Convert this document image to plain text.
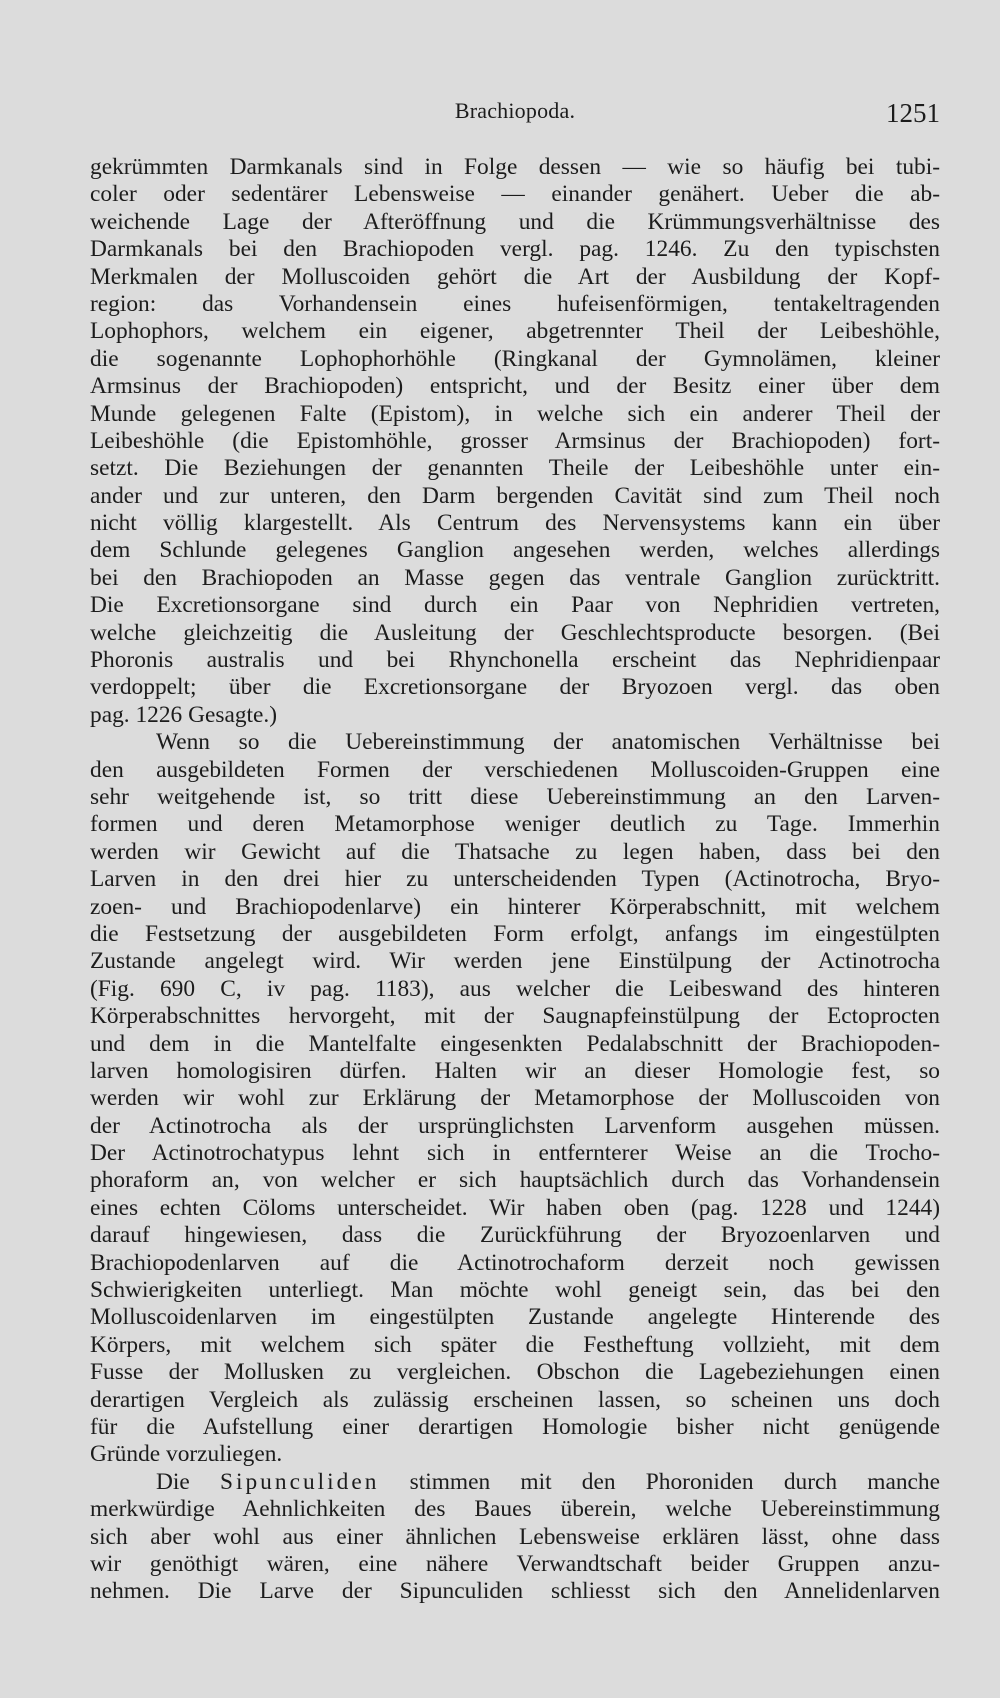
Brachiopoda.	1251
gekrümmten Darmkanals sind in Folge dessen — wie so häufig bei tubi-
coler oder sedentärer Lebensweise — einander genähert. Ueber die ab-
weichende Lage der Afteröffnung und die Krümmungsverhältnisse des
Darmkanals bei den Brachiopoden vergl. pag. 1246. Zu den typischsten
Merkmalen der Molluscoiden gehört die Art der Ausbildung der Kopf-
region: das Vorhandensein eines hufeisenförmigen, tentakeltragenden
Lophophors, welchem ein eigener, abgetrennter Theil der Leibeshöhle,
die sogenannte Lophophorhöhle (Ringkanal der Gymnolämen, kleiner
Armsinus der Brachiopoden) entspricht, und der Besitz einer über dem
Munde gelegenen Falte (Epistom), in welche sich ein anderer Theil der
Leibeshöhle (die Epistomhöhle, grosser Armsinus der Brachiopoden) fort-
setzt. Die Beziehungen der genannten Theile der Leibeshöhle unter ein-
ander und zur unteren, den Darm bergenden Cavität sind zum Theil noch
nicht völlig klargestellt. Als Centrum des Nervensystems kann ein über
dem Schlunde gelegenes Ganglion angesehen werden, welches allerdings
bei den Brachiopoden an Masse gegen das ventrale Ganglion zurücktritt.
Die Excretionsorgane sind durch ein Paar von Nephridien vertreten,
welche gleichzeitig die Ausleitung der Geschlechtsproducte besorgen. (Bei
Phoronis australis und bei Rhynchonella erscheint das Nephridienpaar
verdoppelt; über die Excretionsorgane der Bryozoen vergl. das oben
pag. 1226 Gesagte.)
Wenn so die Uebereinstimmung der anatomischen Verhältnisse bei
den ausgebildeten Formen der verschiedenen Molluscoiden-Gruppen eine
sehr weitgehende ist, so tritt diese Uebereinstimmung an den Larven-
formen und deren Metamorphose weniger deutlich zu Tage. Immerhin
werden wir Gewicht auf die Thatsache zu legen haben, dass bei den
Larven in den drei hier zu unterscheidenden Typen (Actinotrocha, Bryo-
zoen- und Brachiopodenlarve) ein hinterer Körperabschnitt, mit welchem
die Festsetzung der ausgebildeten Form erfolgt, anfangs im eingestülpten
Zustande angelegt wird. Wir werden jene Einstülpung der Actinotrocha
(Fig. 690 C, iv pag. 1183), aus welcher die Leibeswand des hinteren
Körperabschnittes hervorgeht, mit der Saugnapfeinstülpung der Ectoprocten
und dem in die Mantelfalte eingesenkten Pedalabschnitt der Brachiopoden-
larven homologisiren dürfen. Halten wir an dieser Homologie fest, so
werden wir wohl zur Erklärung der Metamorphose der Molluscoiden von
der Actinotrocha als der ursprünglichsten Larvenform ausgehen müssen.
Der Actinotrochatypus lehnt sich in entfernterer Weise an die Trocho-
phoraform an, von welcher er sich hauptsächlich durch das Vorhandensein
eines echten Cöloms unterscheidet. Wir haben oben (pag. 1228 und 1244)
darauf hingewiesen, dass die Zurückführung der Bryozoenlarven und
Brachiopodenlarven auf die Actinotrochaform derzeit noch gewissen
Schwierigkeiten unterliegt. Man möchte wohl geneigt sein, das bei den
Molluscoidenlarven im eingestülpten Zustande angelegte Hinterende des
Körpers, mit welchem sich später die Festheftung vollzieht, mit dem
Fusse der Mollusken zu vergleichen. Obschon die Lagebeziehungen einen
derartigen Vergleich als zulässig erscheinen lassen, so scheinen uns doch
für die Aufstellung einer derartigen Homologie bisher nicht genügende
Gründe vorzuliegen.
Die Sipunculiden stimmen mit den Phoroniden durch manche
merkwürdige Aehnlichkeiten des Baues überein, welche Uebereinstimmung
sich aber wohl aus einer ähnlichen Lebensweise erklären lässt, ohne dass
wir genöthigt wären, eine nähere Verwandtschaft beider Gruppen anzu-
nehmen. Die Larve der Sipunculiden schliesst sich den Annelidenlarven
